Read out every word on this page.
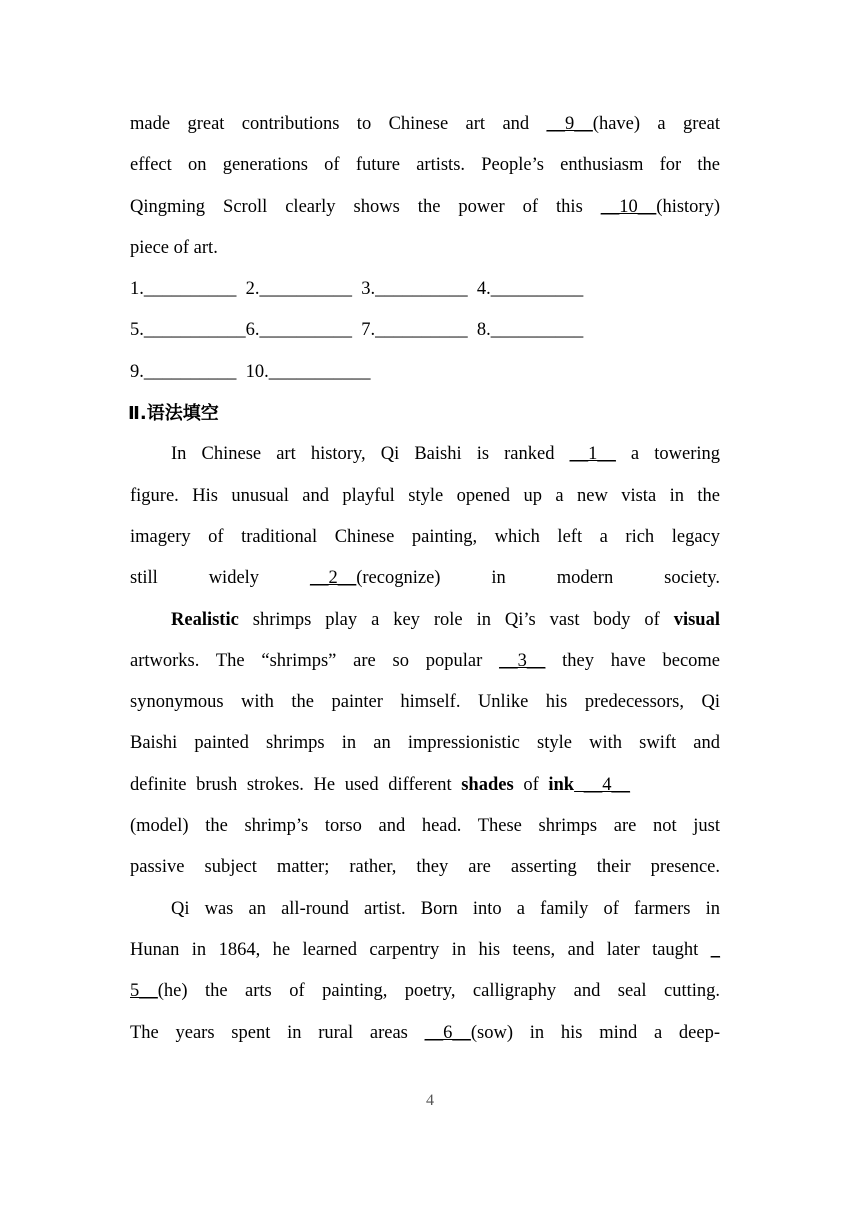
made great contributions to Chinese art and __9__(have) a great
effect on generations of future artists. People’s enthusiasm for the
Qingming Scroll clearly shows the power of this __10__(history)
piece of art.
1.__________  2.__________  3.__________  4.__________
5.___________6.__________  7.__________  8.__________
9.__________  10.___________
Ⅱ.语法填空
In Chinese art history, Qi Baishi is ranked __1__ a towering
figure. His unusual and playful style opened up a new vista in the
imagery of traditional Chinese painting, which left a rich legacy
still widely __2__(recognize) in modern society.
Realistic shrimps play a key role in Qi’s vast body of visual
artworks. The “shrimps” are so popular __3__ they have become
synonymous with the painter himself. Unlike his predecessors, Qi
Baishi painted shrimps in an impressionistic style with swift and
definite brush strokes. He used different shades of ink __4__
(model) the shrimp’s torso and head. These shrimps are not just
passive subject matter; rather, they are asserting their presence.
Qi was an all-round artist. Born into a family of farmers in
Hunan in 1864, he learned carpentry in his teens, and later taught _
5__(he) the arts of painting, poetry, calligraphy and seal cutting.
The years spent in rural areas __6__(sow) in his mind a deep-
4
